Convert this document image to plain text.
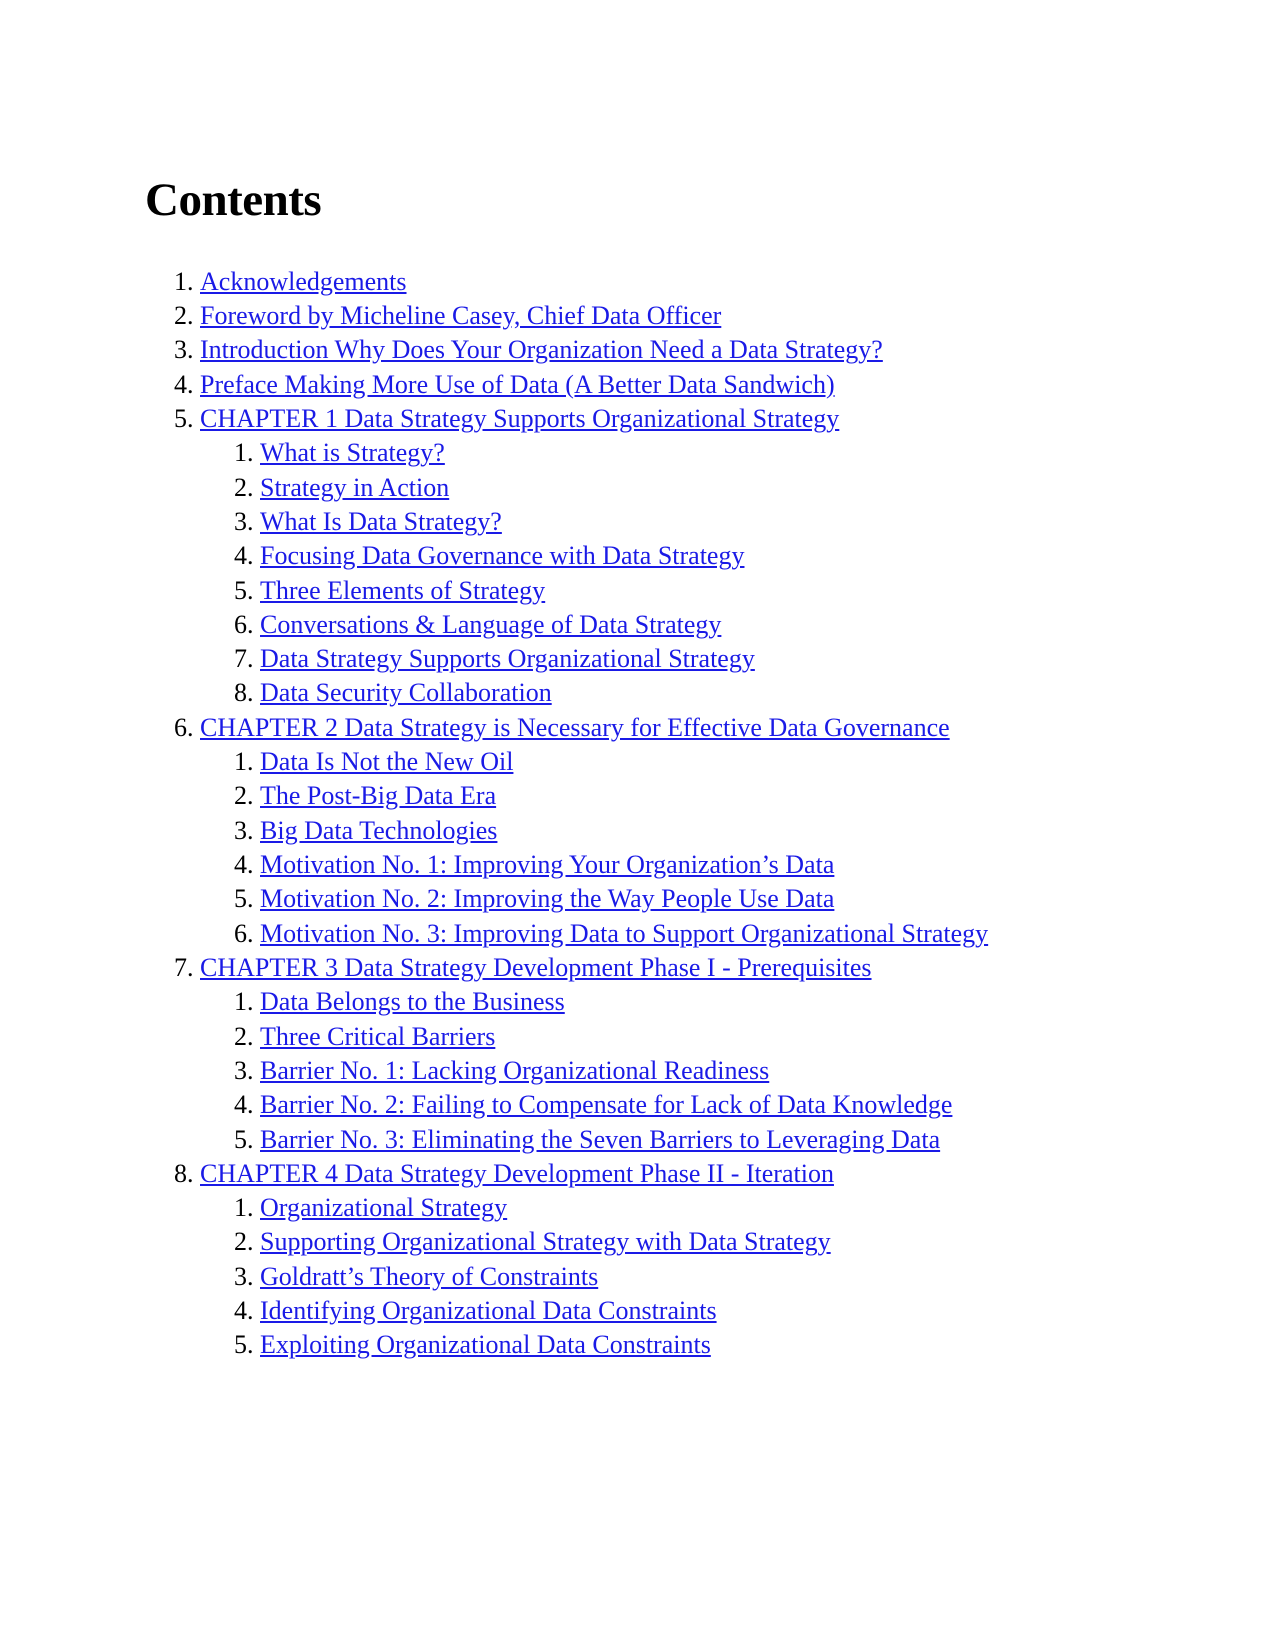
Contents
1. Acknowledgements
2. Foreword by Micheline Casey, Chief Data Officer
3. Introduction Why Does Your Organization Need a Data Strategy?
4. Preface Making More Use of Data (A Better Data Sandwich)
5. CHAPTER 1 Data Strategy Supports Organizational Strategy
1. What is Strategy?
2. Strategy in Action
3. What Is Data Strategy?
4. Focusing Data Governance with Data Strategy
5. Three Elements of Strategy
6. Conversations & Language of Data Strategy
7. Data Strategy Supports Organizational Strategy
8. Data Security Collaboration
6. CHAPTER 2 Data Strategy is Necessary for Effective Data Governance
1. Data Is Not the New Oil
2. The Post-Big Data Era
3. Big Data Technologies
4. Motivation No. 1: Improving Your Organization’s Data
5. Motivation No. 2: Improving the Way People Use Data
6. Motivation No. 3: Improving Data to Support Organizational Strategy
7. CHAPTER 3 Data Strategy Development Phase I - Prerequisites
1. Data Belongs to the Business
2. Three Critical Barriers
3. Barrier No. 1: Lacking Organizational Readiness
4. Barrier No. 2: Failing to Compensate for Lack of Data Knowledge
5. Barrier No. 3: Eliminating the Seven Barriers to Leveraging Data
8. CHAPTER 4 Data Strategy Development Phase II - Iteration
1. Organizational Strategy
2. Supporting Organizational Strategy with Data Strategy
3. Goldratt’s Theory of Constraints
4. Identifying Organizational Data Constraints
5. Exploiting Organizational Data Constraints
